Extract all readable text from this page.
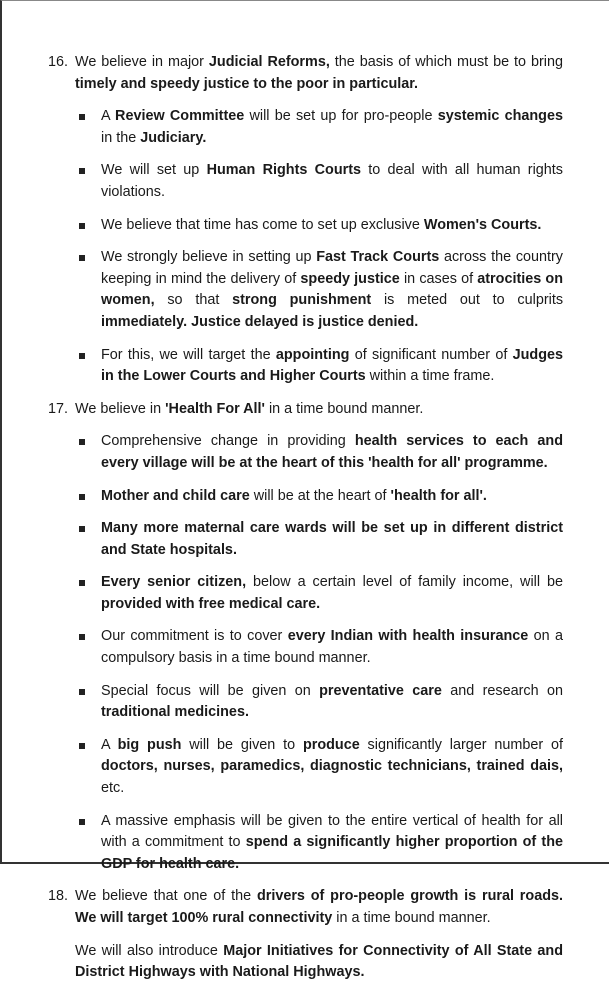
16. We believe in major Judicial Reforms, the basis of which must be to bring timely and speedy justice to the poor in particular.
A Review Committee will be set up for pro-people systemic changes in the Judiciary.
We will set up Human Rights Courts to deal with all human rights violations.
We believe that time has come to set up exclusive Women's Courts.
We strongly believe in setting up Fast Track Courts across the country keeping in mind the delivery of speedy justice in cases of atrocities on women, so that strong punishment is meted out to culprits immediately. Justice delayed is justice denied.
For this, we will target the appointing of significant number of Judges in the Lower Courts and Higher Courts within a time frame.
17. We believe in 'Health For All' in a time bound manner.
Comprehensive change in providing health services to each and every village will be at the heart of this 'health for all' programme.
Mother and child care will be at the heart of 'health for all'.
Many more maternal care wards will be set up in different district and State hospitals.
Every senior citizen, below a certain level of family income, will be provided with free medical care.
Our commitment is to cover every Indian with health insurance on a compulsory basis in a time bound manner.
Special focus will be given on preventative care and research on traditional medicines.
A big push will be given to produce significantly larger number of doctors, nurses, paramedics, diagnostic technicians, trained dais, etc.
A massive emphasis will be given to the entire vertical of health for all with a commitment to spend a significantly higher proportion of the GDP for health care.
18. We believe that one of the drivers of pro-people growth is rural roads. We will target 100% rural connectivity in a time bound manner.
We will also introduce Major Initiatives for Connectivity of All State and District Highways with National Highways.
